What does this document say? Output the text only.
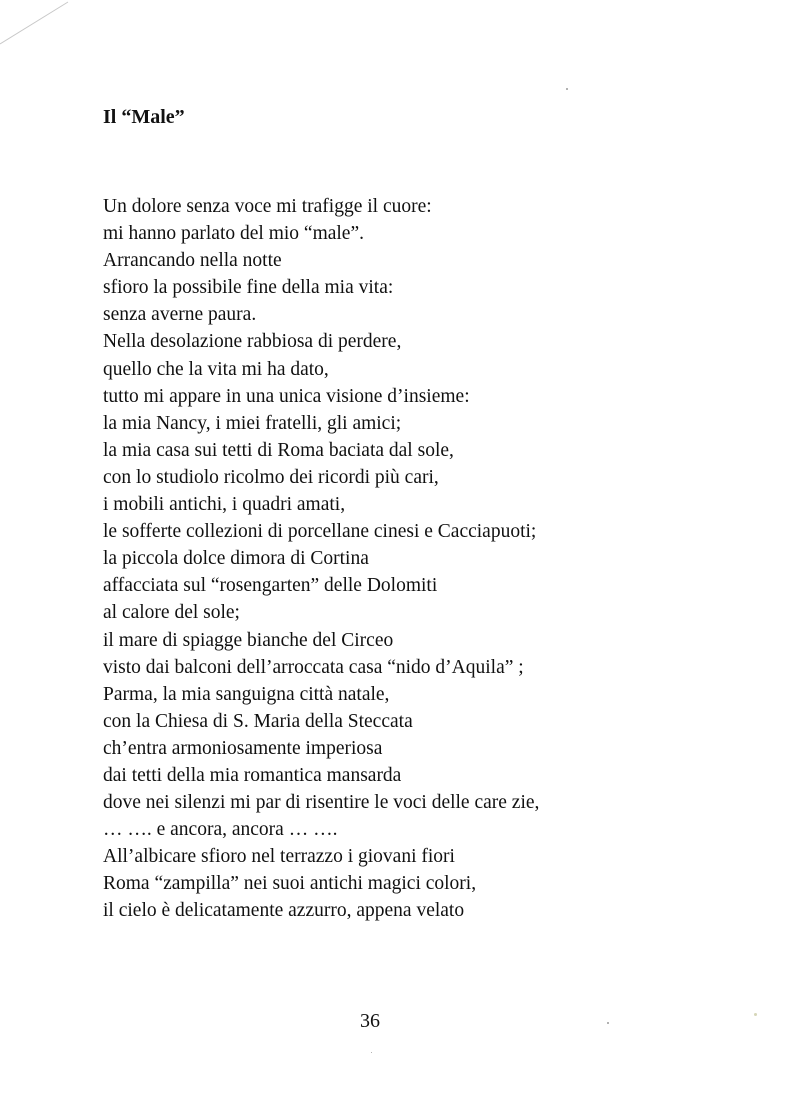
Il “Male”
Un dolore senza voce mi trafigge il cuore:
mi hanno parlato del mio “male”.
Arrancando nella notte
sfioro la possibile fine della mia vita:
senza averne paura.
Nella desolazione rabbiosa di perdere,
quello che la vita mi ha dato,
tutto mi appare in una unica visione d’insieme:
la mia Nancy, i miei fratelli, gli amici;
la mia casa sui tetti di Roma baciata dal sole,
con lo studiolo ricolmo dei ricordi più cari,
i mobili antichi, i quadri amati,
le sofferte collezioni di porcellane cinesi e Cacciapuoti;
la piccola dolce dimora di Cortina
affacciata sul “rosengarten” delle Dolomiti
al calore del sole;
il mare di spiagge bianche del Circeo
visto dai balconi dell’arroccata casa “nido d’Aquila” ;
Parma, la mia sanguigna città natale,
con la Chiesa di S. Maria della Steccata
ch’entra armoniosamente imperiosa
dai tetti della mia romantica mansarda
dove nei silenzi mi par di risentire le voci delle care zie,
… …. e ancora, ancora … ….
All’albicare sfioro nel terrazzo i giovani fiori
Roma “zampilla” nei suoi antichi magici colori,
il cielo è delicatamente azzurro, appena velato
36
